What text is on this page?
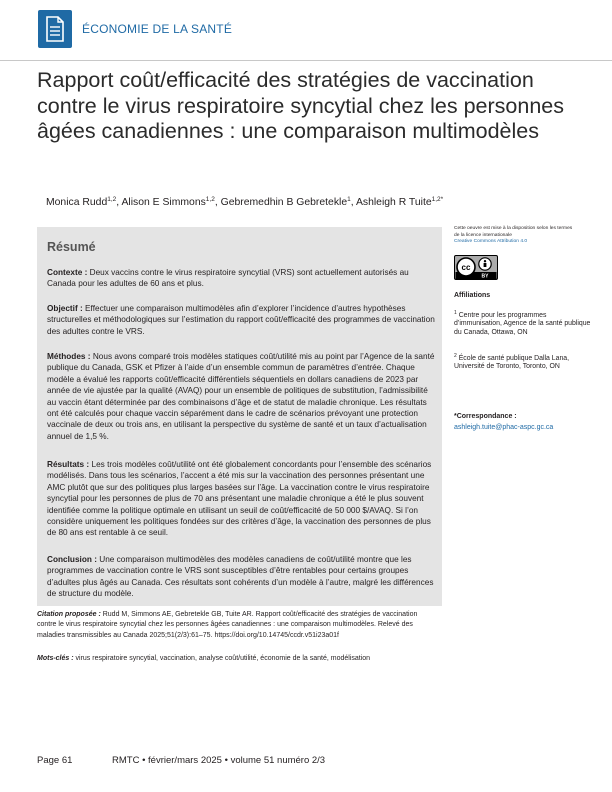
ÉCONOMIE DE LA SANTÉ
Rapport coût/efficacité des stratégies de vaccination contre le virus respiratoire syncytial chez les personnes âgées canadiennes : une comparaison multimodèles
Monica Rudd$^{1,2}$, Alison E Simmons$^{1,2}$, Gebremedhin B Gebretekle$^1$, Ashleigh R Tuite$^{1,2*}$
Résumé
Contexte : Deux vaccins contre le virus respiratoire syncytial (VRS) sont actuellement autorisés au Canada pour les adultes de 60 ans et plus.
Objectif : Effectuer une comparaison multimodèles afin d’explorer l’incidence d’autres hypothèses structurelles et méthodologiques sur l’estimation du rapport coût/efficacité des programmes de vaccination des adultes contre le VRS.
Méthodes : Nous avons comparé trois modèles statiques coût/utilité mis au point par l’Agence de la santé publique du Canada, GSK et Pfizer à l’aide d’un ensemble commun de paramètres d’entrée. Chaque modèle a évalué les rapports coût/efficacité différentiels séquentiels en dollars canadiens de 2023 par année de vie ajustée par la qualité (AVAQ) pour un ensemble de politiques de substitution, l’admissibilité au vaccin étant déterminée par des combinaisons d’âge et de statut de maladie chronique. Les résultats ont été calculés pour chaque vaccin séparément dans le cadre de scénarios prévoyant une protection vaccinale de deux ou trois ans, en utilisant la perspective du système de santé et un taux d’actualisation annuel de 1,5 %.
Résultats : Les trois modèles coût/utilité ont été globalement concordants pour l’ensemble des scénarios modélisés. Dans tous les scénarios, l’accent a été mis sur la vaccination des personnes présentant une AMC plutôt que sur des politiques plus larges basées sur l’âge. La vaccination contre le virus respiratoire syncytial pour les personnes de plus de 70 ans présentant une maladie chronique a été le plus souvent identifiée comme la politique optimale en utilisant un seuil de coût/efficacité de 50 000 $/AVAQ. Si l’on considère uniquement les politiques fondées sur des critères d’âge, la vaccination des personnes de plus de 80 ans est rentable à ce seuil.
Conclusion : Une comparaison multimodèles des modèles canadiens de coût/utilité montre que les programmes de vaccination contre le VRS sont susceptibles d’être rentables pour certains groupes d’adultes plus âgés au Canada. Ces résultats sont cohérents d’un modèle à l’autre, malgré les différences de structure du modèle.
Citation proposée : Rudd M, Simmons AE, Gebretekle GB, Tuite AR. Rapport coût/efficacité des stratégies de vaccination contre le virus respiratoire syncytial chez les personnes âgées canadiennes : une comparaison multimodèles. Relevé des maladies transmissibles au Canada 2025;51(2/3):61–75. https://doi.org/10.14745/ccdr.v51i23a01f
Mots-clés : virus respiratoire syncytial, vaccination, analyse coût/utilité, économie de la santé, modélisation
Cette oeuvre est mise à la disposition selon les termes de la licence internationale
Creative Commons Attribution 4.0
cc
BY
Affiliations
$^1$ Centre pour les programmes d’immunisation, Agence de la santé publique du Canada, Ottawa, ON
$^2$ École de santé publique Dalla Lana, Université de Toronto, Toronto, ON
*Correspondance :
ashleigh.tuite@phac-aspc.gc.ca
Page 61	RMTC • février/mars 2025 • volume 51 numéro 2/3
